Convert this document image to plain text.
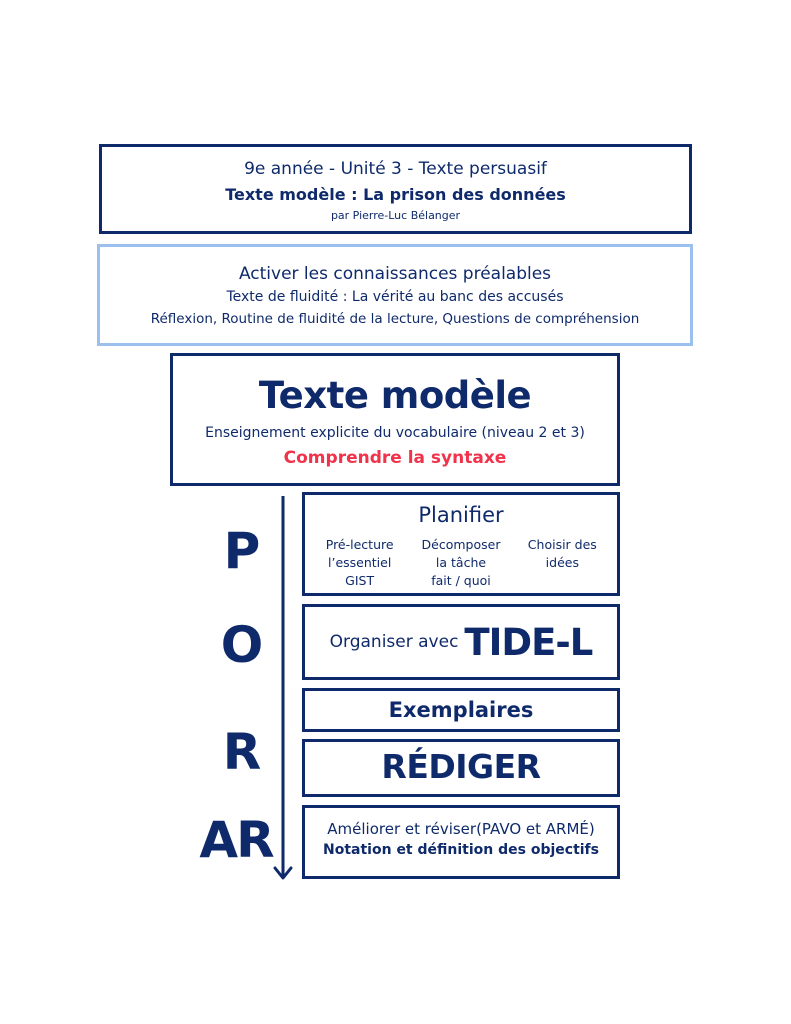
9e année - Unité 3 - Texte persuasif
Texte modèle : La prison des données
par Pierre-Luc Bélanger
Activer les connaissances préalables
Texte de fluidité : La vérité au banc des accusés
Réflexion, Routine de fluidité de la lecture, Questions de compréhension
Texte modèle
Enseignement explicite du vocabulaire (niveau 2 et 3)
Comprendre la syntaxe
P
O
R
AR
Planifier
Pré-lecture
l’essentiel
GIST
Décomposer
la tâche
fait / quoi
Choisir des
idées
Organiser avec TIDE-L
Exemplaires
RÉDIGER
Améliorer et réviser(PAVO et ARMÉ)
Notation et définition des objectifs
